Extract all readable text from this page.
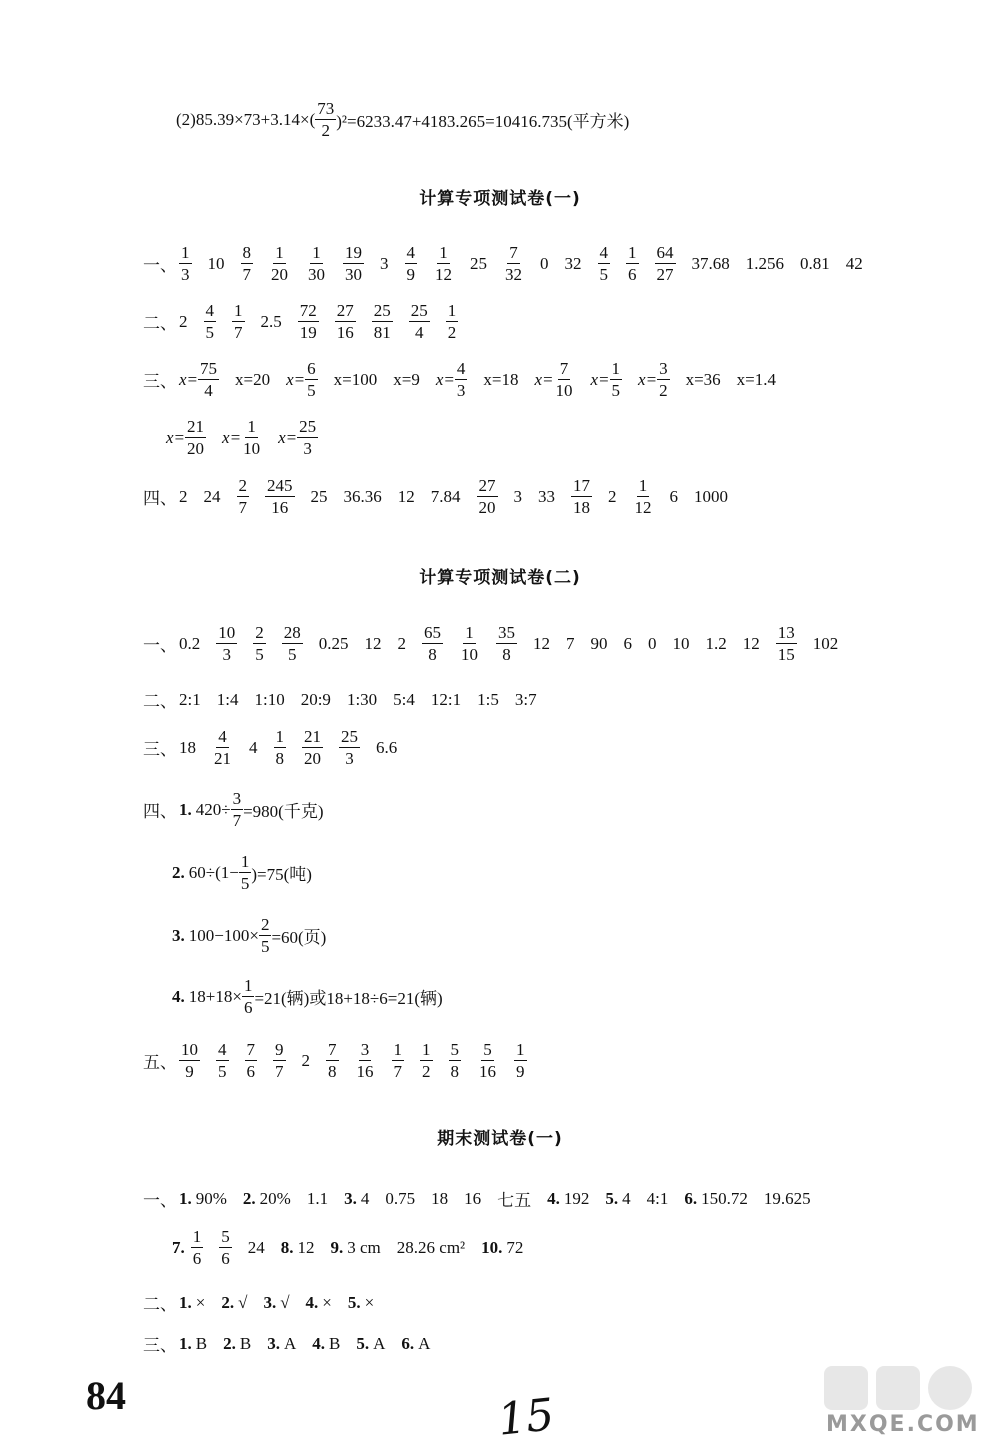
$(2)85.39\times 73+3.14\times( \frac{73}{2} )^2=6233.47+4183.265=10416.735$(平方米)
计算专项测试卷(一)
一、 $\frac{1}{3} 10 \frac{8}{7} \frac{1}{20} \frac{1}{30} \frac{19}{30} 3 \frac{4}{9} \frac{1}{12} 25 \frac{7}{32} 0$ $32 \frac{4}{5} \frac{1}{6} \frac{64}{27} 37.68$ 1.256 0.81 42
二、 $2 \frac{4}{5} \frac{1}{7} 2.5 \frac{72}{19} \frac{27}{16} \frac{25}{81} \frac{25}{4} \frac{1}{2}$
三、 $x= \frac{75}{4} x=20$ $x= \frac{6}{5} x=100$ x=9 $x= \frac{4}{3} x=18$ $x= \frac{7}{10} x= \frac{1}{5} x= \frac{3}{2} x=36$ x=1.4
$x= \frac{21}{20} x= \frac{1}{10} x= \frac{25}{3}$
四、 2 $24 \frac{2}{7} \frac{245}{16} 25$ 36.36 12 $7.84 \frac{27}{20} 3$ $33 \frac{17}{18} 2 \frac{1}{12} 6$ 1000
计算专项测试卷(二)
一、 $0.2 \frac{10}{3} \frac{2}{5} \frac{28}{5} 0.25$ 12 $2 \frac{65}{8} \frac{1}{10} \frac{35}{8} 12$ 7 90 6 0 10 1.2 $12 \frac{13}{15} 102$
二、 2:1 1:4 1:10 20:9 1:30 5:4 12:1 1:5 3:7
三、 $18 \frac{4}{21} 4 \frac{1}{8} \frac{21}{20} \frac{25}{3} 6.6$
四、 1. $420\div \frac{3}{7} =980$(千克)
2. $60\div(1- \frac{1}{5} )=75$(吨)
3. $100-100\times \frac{2}{5} =60$(页)
4. $18+18\times \frac{1}{6} =21$(辆)或18+18÷6=21(辆)
五、 $\frac{10}{9} \frac{4}{5} \frac{7}{6} \frac{9}{7} 2 \frac{7}{8} \frac{3}{16} \frac{1}{7} \frac{1}{2} \frac{5}{8} \frac{5}{16} \frac{1}{9}$
期末测试卷(一)
一、 1. 90% 2. 20% 1.1 3. 4 0.75 18 16 七五 4. 192 5. 4 4:1 6. 150.72 19.625
7. $\frac{1}{6} \frac{5}{6} 24$ 8. 12 9. 3 cm 28.26 cm² 10. 72
二、 1. × 2. √ 3. √ 4. × 5. ×
三、 1. B 2. B 3. A 4. B 5. A 6. A
84	15	MXQE.COM
